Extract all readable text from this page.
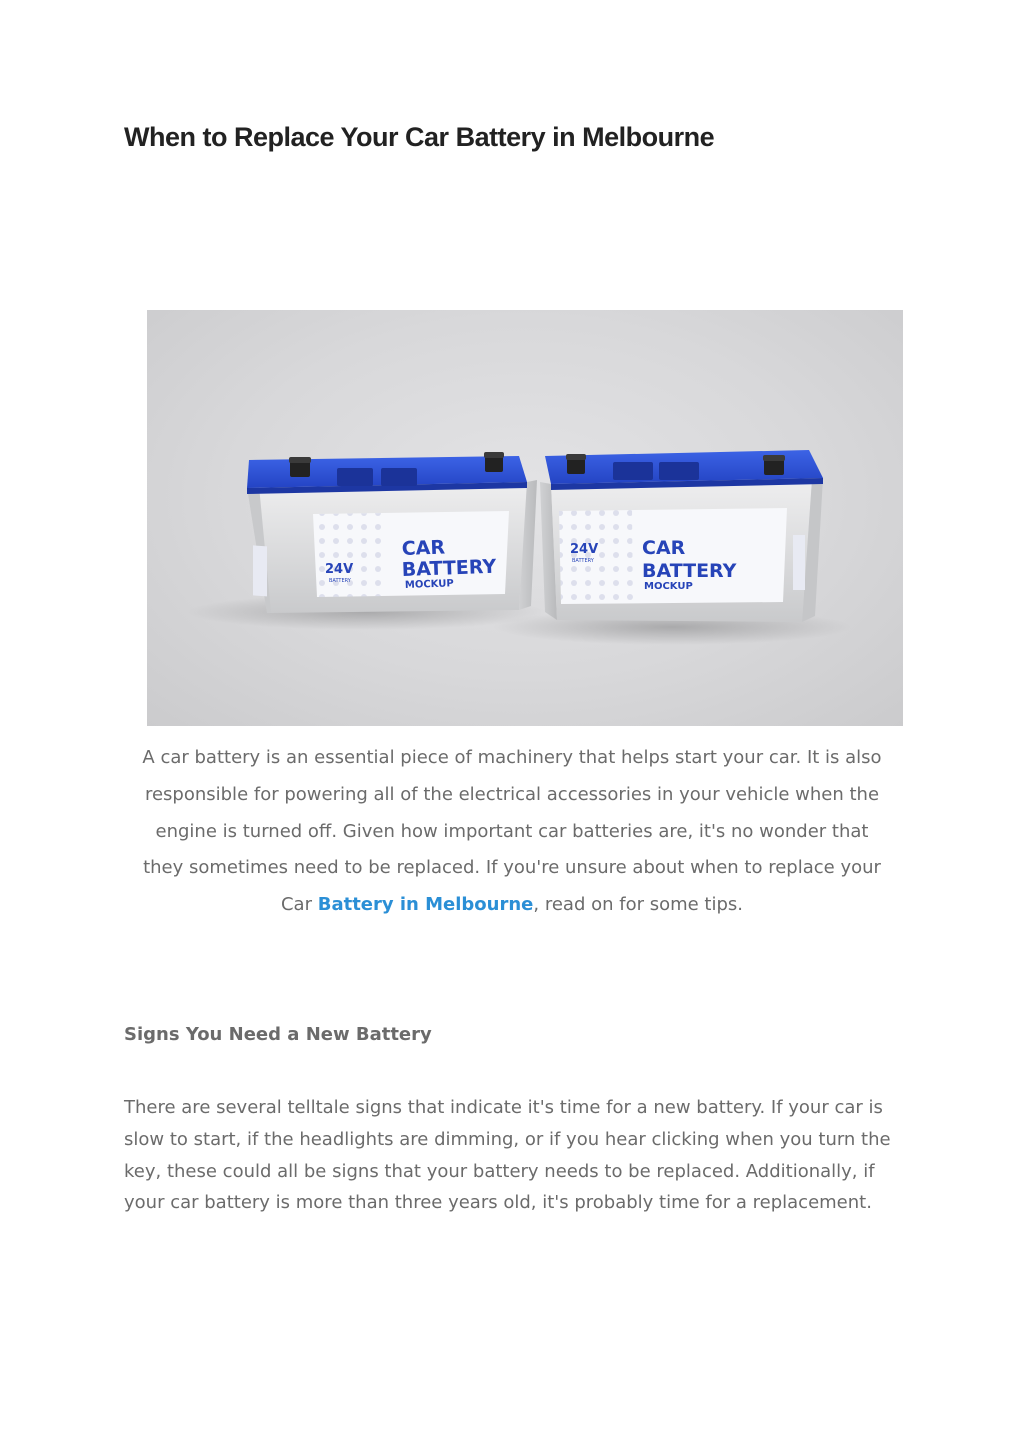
When to Replace Your Car Battery in Melbourne
24V
BATTERY
CAR
BATTERY
MOCKUP
24V
BATTERY
CAR
BATTERY
MOCKUP

A car battery is an essential piece of machinery that helps start your car. It is also responsible for powering all of the electrical accessories in your vehicle when the engine is turned off. Given how important car batteries are, it's no wonder that they sometimes need to be replaced. If you're unsure about when to replace your Car Battery in Melbourne, read on for some tips.

Signs You Need a New Battery

There are several telltale signs that indicate it's time for a new battery. If your car is slow to start, if the headlights are dimming, or if you hear clicking when you turn the key, these could all be signs that your battery needs to be replaced. Additionally, if your car battery is more than three years old, it's probably time for a replacement.
